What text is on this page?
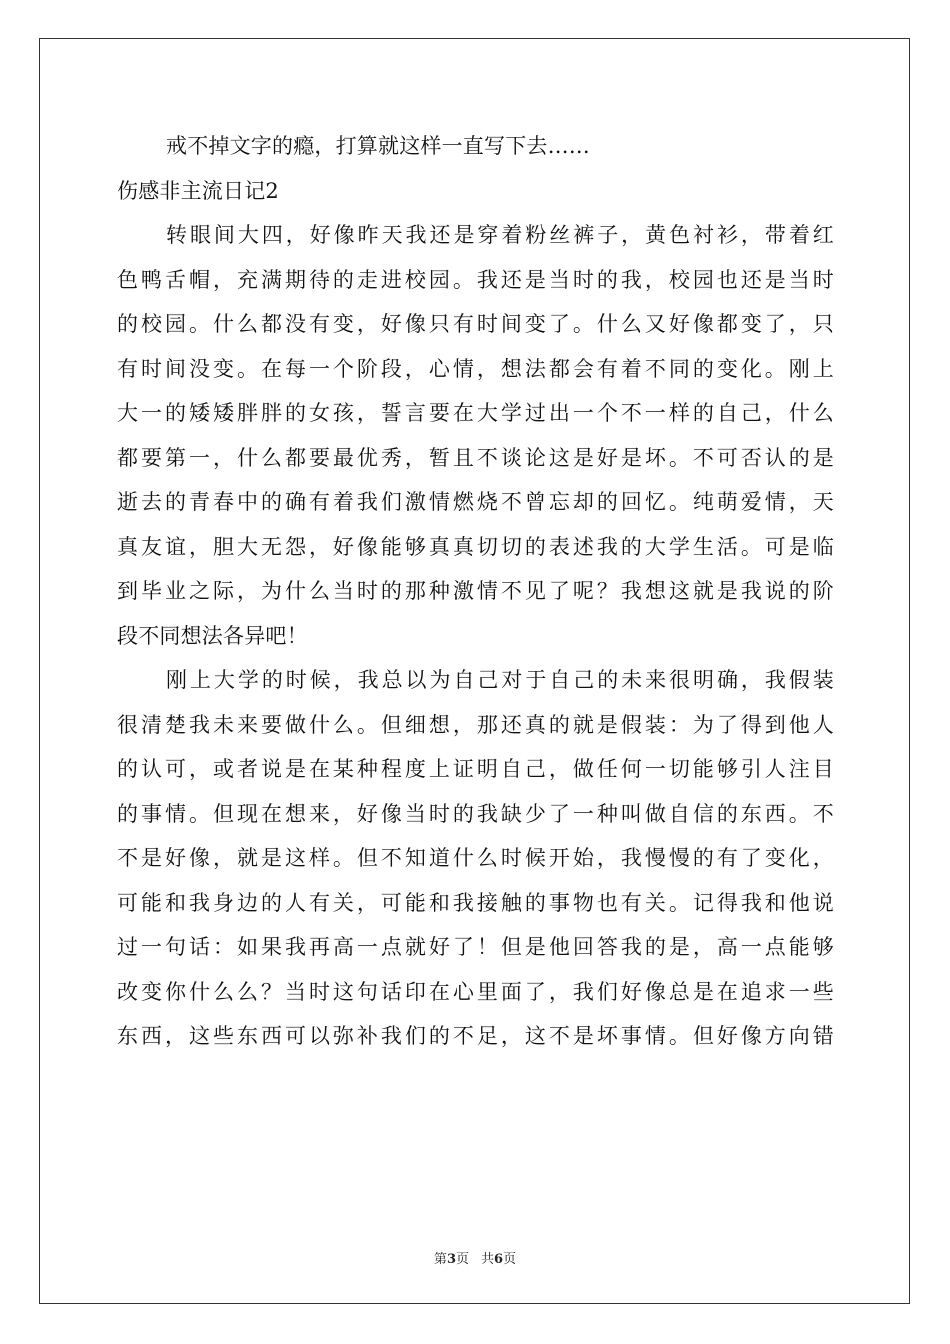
戒不掉文字的瘾，打算就这样一直写下去……
伤感非主流日记2
转眼间大四，好像昨天我还是穿着粉丝裤子，黄色衬衫，带着红
色鸭舌帽，充满期待的走进校园。我还是当时的我，校园也还是当时
的校园。什么都没有变，好像只有时间变了。什么又好像都变了，只
有时间没变。在每一个阶段，心情，想法都会有着不同的变化。刚上
大一的矮矮胖胖的女孩，誓言要在大学过出一个不一样的自己，什么
都要第一，什么都要最优秀，暂且不谈论这是好是坏。不可否认的是
逝去的青春中的确有着我们激情燃烧不曾忘却的回忆。纯萌爱情，天
真友谊，胆大无怨，好像能够真真切切的表述我的大学生活。可是临
到毕业之际，为什么当时的那种激情不见了呢？我想这就是我说的阶
段不同想法各异吧！
刚上大学的时候，我总以为自己对于自己的未来很明确，我假装
很清楚我未来要做什么。但细想，那还真的就是假装：为了得到他人
的认可，或者说是在某种程度上证明自己，做任何一切能够引人注目
的事情。但现在想来，好像当时的我缺少了一种叫做自信的东西。不
不是好像，就是这样。但不知道什么时候开始，我慢慢的有了变化，
可能和我身边的人有关，可能和我接触的事物也有关。记得我和他说
过一句话：如果我再高一点就好了！但是他回答我的是，高一点能够
改变你什么么？当时这句话印在心里面了，我们好像总是在追求一些
东西，这些东西可以弥补我们的不足，这不是坏事情。但好像方向错
第3页 共6页
